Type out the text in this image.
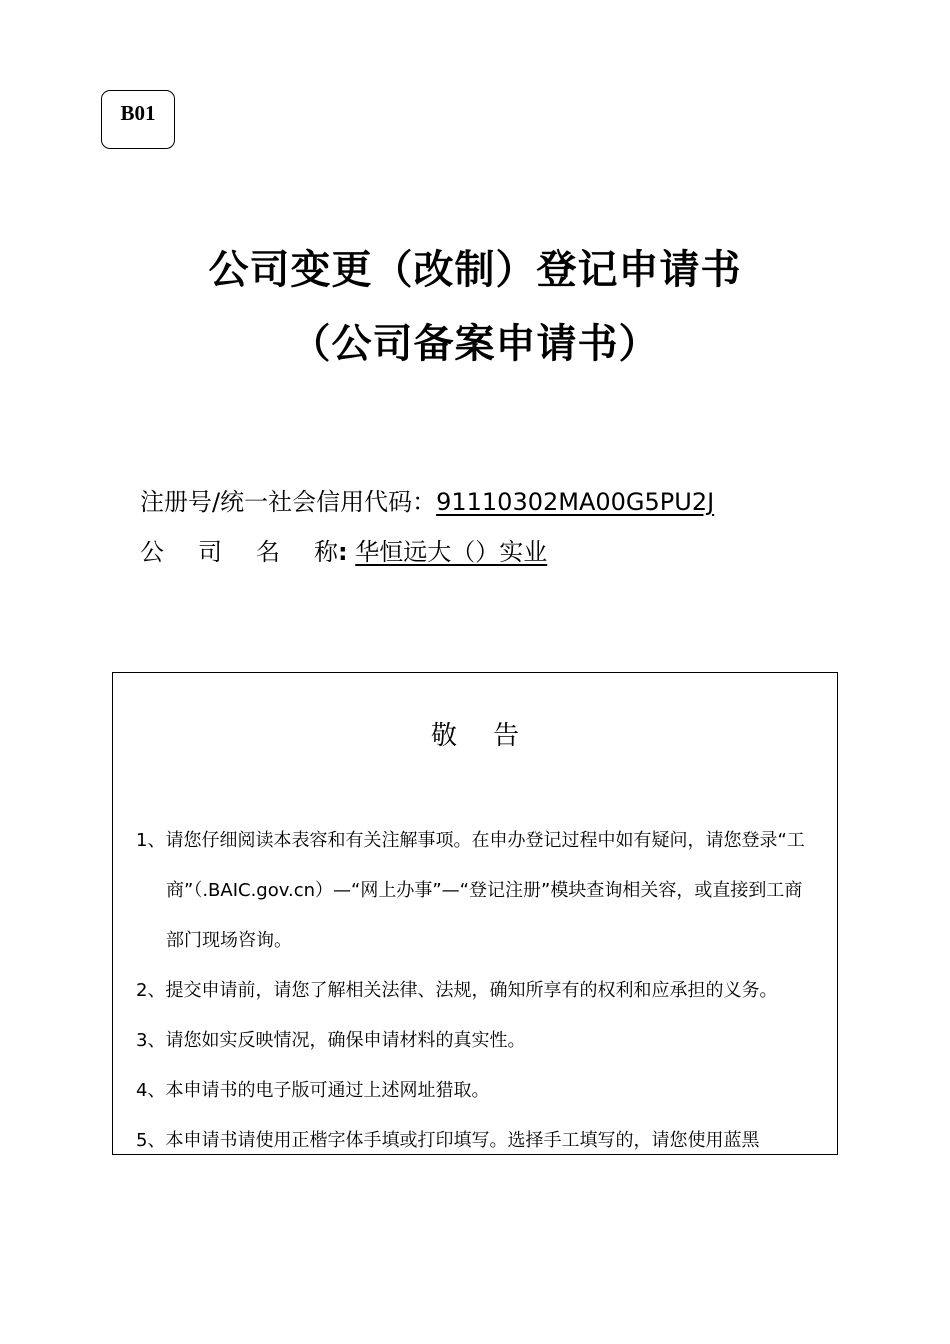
B01
公司变更（改制）登记申请书
（公司备案申请书）
注册号/统一社会信用代码：91110302MA00G5PU2J
公 司 名 称: 华恒远大（）实业
敬 告
1、请您仔细阅读本表容和有关注解事项。在申办登记过程中如有疑问，请您登录“工商”（.BAIC.gov.cn）—“网上办事”—“登记注册”模块查询相关容，或直接到工商部门现场咨询。
2、提交申请前，请您了解相关法律、法规，确知所享有的权利和应承担的义务。
3、请您如实反映情况，确保申请材料的真实性。
4、本申请书的电子版可通过上述网址猎取。
5、本申请书请使用正楷字体手填或打印填写。选择手工填写的，请您使用蓝黑
